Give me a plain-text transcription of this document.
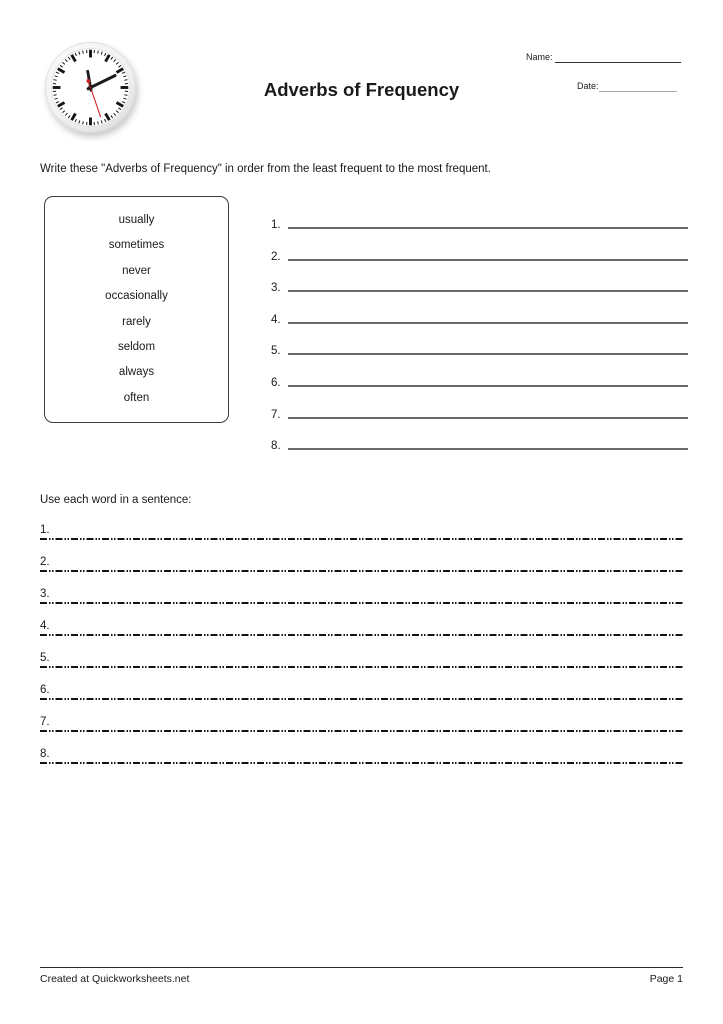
Adverbs of Frequency
Name:
Date:
Write these "Adverbs of Frequency" in order from the least frequent to the most frequent.
usually
sometimes
never
occasionally
rarely
seldom
always
often
1.
2.
3.
4.
5.
6.
7.
8.
Use each word in a sentence:
1.
2.
3.
4.
5.
6.
7.
8.
Created at Quickworksheets.net	Page 1
